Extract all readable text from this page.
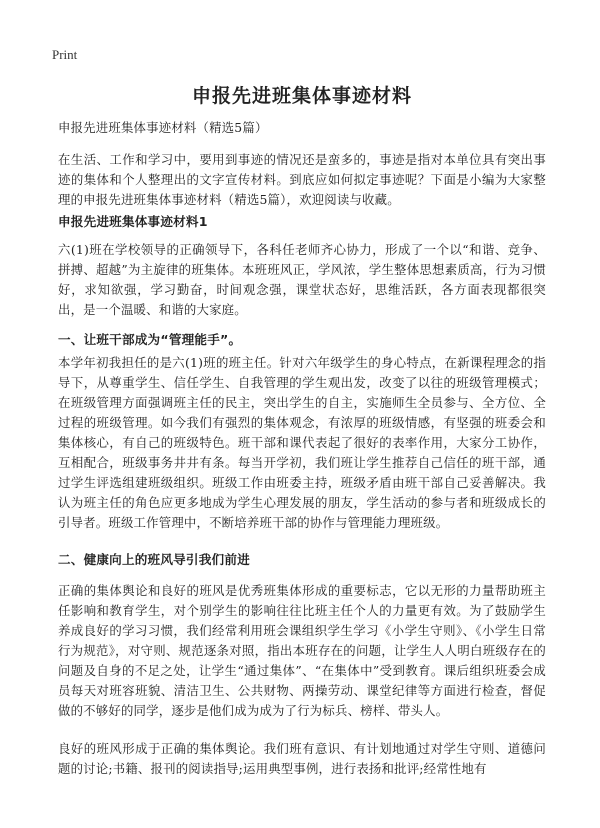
Print
申报先进班集体事迹材料
申报先进班集体事迹材料（精选5篇）
在生活、工作和学习中，要用到事迹的情况还是蛮多的，事迹是指对本单位具有突出事迹的集体和个人整理出的文字宣传材料。到底应如何拟定事迹呢？下面是小编为大家整理的申报先进班集体事迹材料（精选5篇），欢迎阅读与收藏。
申报先进班集体事迹材料1
六(1)班在学校领导的正确领导下，各科任老师齐心协力，形成了一个以“和谐、竞争、拼搏、超越”为主旋律的班集体。本班班风正，学风浓，学生整体思想素质高，行为习惯好，求知欲强，学习勤奋，时间观念强，课堂状态好，思维活跃，各方面表现都很突出，是一个温暖、和谐的大家庭。
一、让班干部成为“管理能手”。
本学年初我担任的是六(1)班的班主任。针对六年级学生的身心特点，在新课程理念的指导下，从尊重学生、信任学生、自我管理的学生观出发，改变了以往的班级管理模式；在班级管理方面强调班主任的民主，突出学生的自主，实施师生全员参与、全方位、全过程的班级管理。如今我们有强烈的集体观念，有浓厚的班级情感，有坚强的班委会和集体核心，有自己的班级特色。班干部和课代表起了很好的表率作用，大家分工协作，互相配合，班级事务井井有条。每当开学初，我们班让学生推荐自己信任的班干部，通过学生评选组建班级组织。班级工作由班委主持，班级矛盾由班干部自己妥善解决。我认为班主任的角色应更多地成为学生心理发展的朋友，学生活动的参与者和班级成长的引导者。班级工作管理中，不断培养班干部的协作与管理能力理班级。
二、健康向上的班风导引我们前进
正确的集体舆论和良好的班风是优秀班集体形成的重要标志，它以无形的力量帮助班主任影响和教育学生，对个别学生的影响往往比班主任个人的力量更有效。为了鼓励学生养成良好的学习习惯，我们经常利用班会课组织学生学习《小学生守则》、《小学生日常行为规范》，对守则、规范逐条对照，指出本班存在的问题，让学生人人明白班级存在的问题及自身的不足之处，让学生“通过集体”、“在集体中”受到教育。课后组织班委会成员每天对班容班貌、清洁卫生、公共财物、两操劳动、课堂纪律等方面进行检查，督促做的不够好的同学，逐步是他们成为成为了行为标兵、榜样、带头人。
良好的班风形成于正确的集体舆论。我们班有意识、有计划地通过对学生守则、道德问题的讨论;书籍、报刊的阅读指导;运用典型事例，进行表扬和批评;经常性地有
